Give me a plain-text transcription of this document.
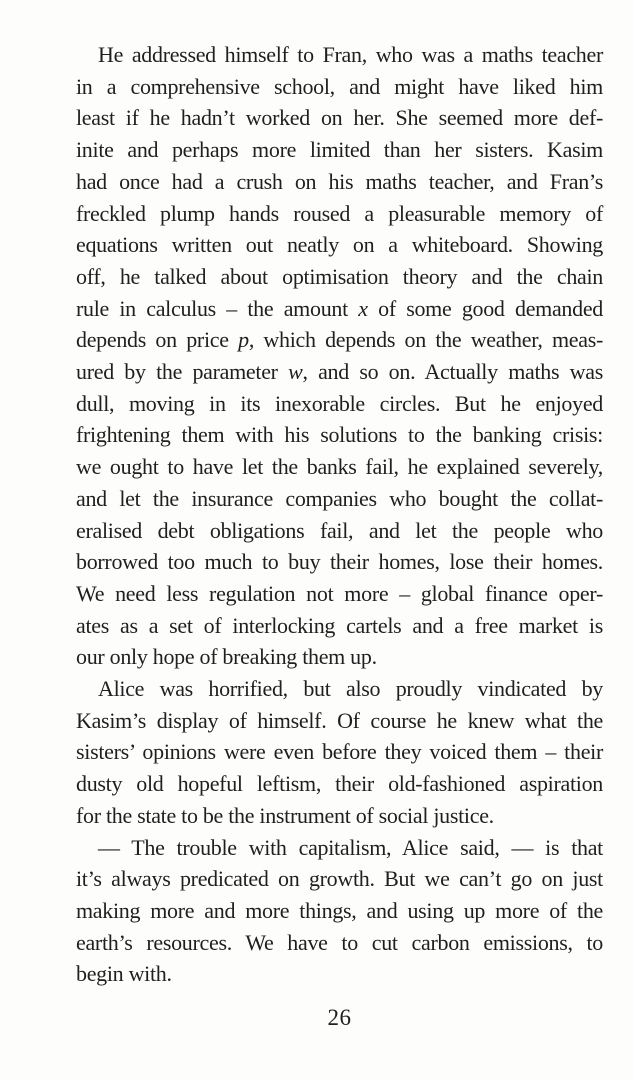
He addressed himself to Fran, who was a maths teacher
in a comprehensive school, and might have liked him
least if he hadn’t worked on her. She seemed more def-
inite and perhaps more limited than her sisters. Kasim
had once had a crush on his maths teacher, and Fran’s
freckled plump hands roused a pleasurable memory of
equations written out neatly on a whiteboard. Showing
off, he talked about optimisation theory and the chain
rule in calculus – the amount x of some good demanded
depends on price p, which depends on the weather, meas-
ured by the parameter w, and so on. Actually maths was
dull, moving in its inexorable circles. But he enjoyed
frightening them with his solutions to the banking crisis:
we ought to have let the banks fail, he explained severely,
and let the insurance companies who bought the collat-
eralised debt obligations fail, and let the people who
borrowed too much to buy their homes, lose their homes.
We need less regulation not more – global finance oper-
ates as a set of interlocking cartels and a free market is
our only hope of breaking them up.
Alice was horrified, but also proudly vindicated by
Kasim’s display of himself. Of course he knew what the
sisters’ opinions were even before they voiced them – their
dusty old hopeful leftism, their old-fashioned aspiration
for the state to be the instrument of social justice.
— The trouble with capitalism, Alice said, — is that
it’s always predicated on growth. But we can’t go on just
making more and more things, and using up more of the
earth’s resources. We have to cut carbon emissions, to
begin with.
26
